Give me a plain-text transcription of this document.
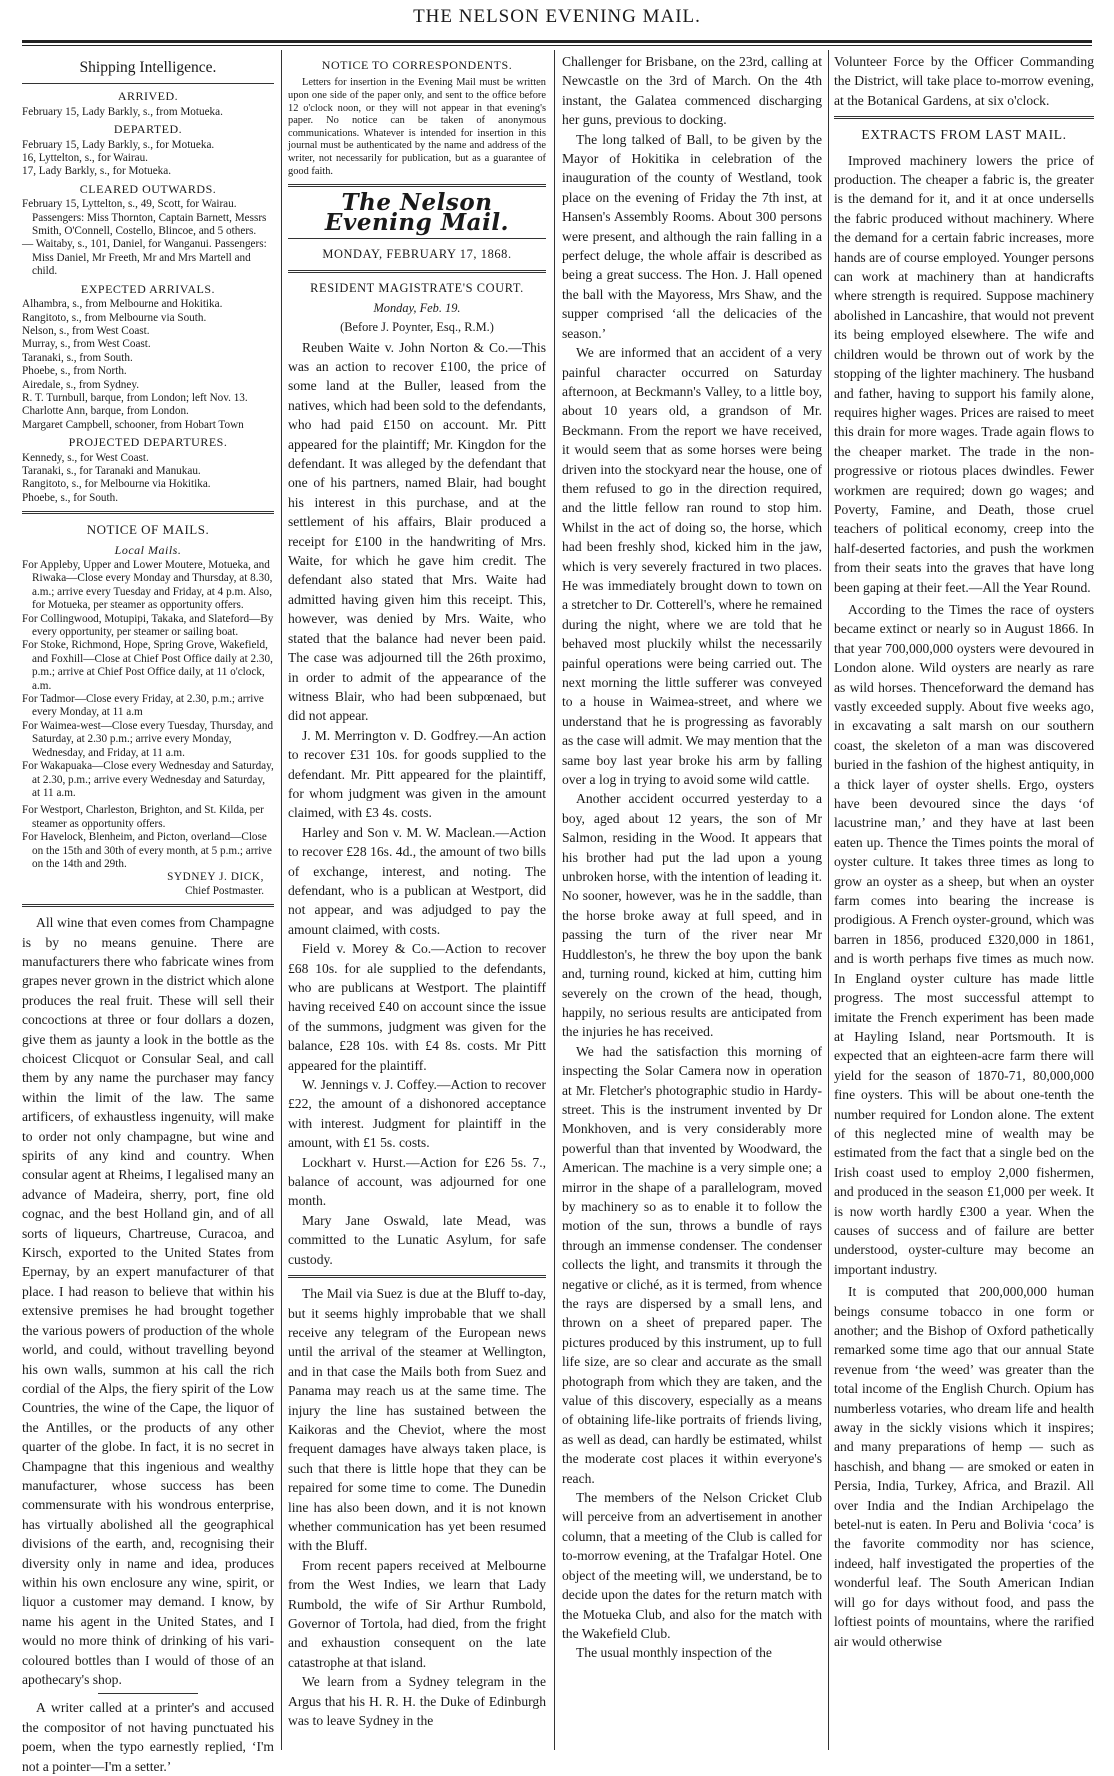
THE NELSON EVENING MAIL.
Shipping Intelligence.
ARRIVED.
February 15, Lady Barkly, s., from Motueka.
DEPARTED.
February 15, Lady Barkly, s., for Motueka.
16, Lyttelton, s., for Wairau.
17, Lady Barkly, s., for Motueka.
CLEARED OUTWARDS.
February 15, Lyttelton, s., 49, Scott, for Wairau. Passengers: Miss Thornton, Captain Barnett, Messrs Smith, O'Connell, Costello, Blincoe, and 5 others.
— Waitaby, s., 101, Daniel, for Wanganui. Passengers: Miss Daniel, Mr Freeth, Mr and Mrs Martell and child.
EXPECTED ARRIVALS.
Alhambra, s., from Melbourne and Hokitika.
Rangitoto, s., from Melbourne via South.
Nelson, s., from West Coast.
Murray, s., from West Coast.
Taranaki, s., from South.
Phoebe, s., from North.
Airedale, s., from Sydney.
R. T. Turnbull, barque, from London; left Nov. 13.
Charlotte Ann, barque, from London.
Margaret Campbell, schooner, from Hobart Town
PROJECTED DEPARTURES.
Kennedy, s., for West Coast.
Taranaki, s., for Taranaki and Manukau.
Rangitoto, s., for Melbourne via Hokitika.
Phoebe, s., for South.
NOTICE OF MAILS.
Local Mails.
For Appleby, Upper and Lower Moutere, Motueka, and Riwaka—Close every Monday and Thursday, at 8.30, a.m.; arrive every Tuesday and Friday, at 4 p.m. Also, for Motueka, per steamer as opportunity offers.
For Collingwood, Motupipi, Takaka, and Slateford—By every opportunity, per steamer or sailing boat.
For Stoke, Richmond, Hope, Spring Grove, Wakefield, and Foxhill—Close at Chief Post Office daily at 2.30, p.m.; arrive at Chief Post Office daily, at 11 o'clock, a.m.
For Tadmor—Close every Friday, at 2.30, p.m.; arrive every Monday, at 11 a.m
For Waimea-west—Close every Tuesday, Thursday, and Saturday, at 2.30 p.m.; arrive every Monday, Wednesday, and Friday, at 11 a.m.
For Wakapuaka—Close every Wednesday and Saturday, at 2.30, p.m.; arrive every Wednesday and Saturday, at 11 a.m.
For Westport, Charleston, Brighton, and St. Kilda, per steamer as opportunity offers.
For Havelock, Blenheim, and Picton, overland—Close on the 15th and 30th of every month, at 5 p.m.; arrive on the 14th and 29th.
SYDNEY J. DICK,
Chief Postmaster.

All wine that even comes from Champagne is by no means genuine. There are manufacturers there who fabricate wines from grapes never grown in the district which alone produces the real fruit. These will sell their concoctions at three or four dollars a dozen, give them as jaunty a look in the bottle as the choicest Clicquot or Consular Seal, and call them by any name the purchaser may fancy within the limit of the law. The same artificers, of exhaustless ingenuity, will make to order not only champagne, but wine and spirits of any kind and country. When consular agent at Rheims, I legalised many an advance of Madeira, sherry, port, fine old cognac, and the best Holland gin, and of all sorts of liqueurs, Chartreuse, Curacoa, and Kirsch, exported to the United States from Epernay, by an expert manufacturer of that place. I had reason to believe that within his extensive premises he had brought together the various powers of production of the whole world, and could, without travelling beyond his own walls, summon at his call the rich cordial of the Alps, the fiery spirit of the Low Countries, the wine of the Cape, the liquor of the Antilles, or the products of any other quarter of the globe. In fact, it is no secret in Champagne that this ingenious and wealthy manufacturer, whose success has been commensurate with his wondrous enterprise, has virtually abolished all the geographical divisions of the earth, and, recognising their diversity only in name and idea, produces within his own enclosure any wine, spirit, or liquor a customer may demand. I know, by name his agent in the United States, and I would no more think of drinking of his vari-coloured bottles than I would of those of an apothecary's shop.

A writer called at a printer's and accused the compositor of not having punctuated his poem, when the typo earnestly replied, ‘I'm not a pointer—I'm a setter.’

NOTICE TO CORRESPONDENTS.

Letters for insertion in the Evening Mail must be written upon one side of the paper only, and sent to the office before 12 o'clock noon, or they will not appear in that evening's paper. No notice can be taken of anonymous communications. Whatever is intended for insertion in this journal must be authenticated by the name and address of the writer, not necessarily for publication, but as a guarantee of good faith.

The Nelson Evening Mail.
MONDAY, FEBRUARY 17, 1868.
RESIDENT MAGISTRATE'S COURT.
Monday, Feb. 19.
(Before J. Poynter, Esq., R.M.)

Reuben Waite v. John Norton & Co.—This was an action to recover £100, the price of some land at the Buller, leased from the natives, which had been sold to the defendants, who had paid £150 on account. Mr. Pitt appeared for the plaintiff; Mr. Kingdon for the defendant. It was alleged by the defendant that one of his partners, named Blair, had bought his interest in this purchase, and at the settlement of his affairs, Blair produced a receipt for £100 in the handwriting of Mrs. Waite, for which he gave him credit. The defendant also stated that Mrs. Waite had admitted having given him this receipt. This, however, was denied by Mrs. Waite, who stated that the balance had never been paid. The case was adjourned till the 26th proximo, in order to admit of the appearance of the witness Blair, who had been subpœnaed, but did not appear.

J. M. Merrington v. D. Godfrey.—An action to recover £31 10s. for goods supplied to the defendant. Mr. Pitt appeared for the plaintiff, for whom judgment was given in the amount claimed, with £3 4s. costs.

Harley and Son v. M. W. Maclean.—Action to recover £28 16s. 4d., the amount of two bills of exchange, interest, and noting. The defendant, who is a publican at Westport, did not appear, and was adjudged to pay the amount claimed, with costs.

Field v. Morey & Co.—Action to recover £68 10s. for ale supplied to the defendants, who are publicans at Westport. The plaintiff having received £40 on account since the issue of the summons, judgment was given for the balance, £28 10s. with £4 8s. costs. Mr Pitt appeared for the plaintiff.

W. Jennings v. J. Coffey.—Action to recover £22, the amount of a dishonored acceptance with interest. Judgment for plaintiff in the amount, with £1 5s. costs.

Lockhart v. Hurst.—Action for £26 5s. 7., balance of account, was adjourned for one month.

Mary Jane Oswald, late Mead, was committed to the Lunatic Asylum, for safe custody.

The Mail via Suez is due at the Bluff to-day, but it seems highly improbable that we shall receive any telegram of the European news until the arrival of the steamer at Wellington, and in that case the Mails both from Suez and Panama may reach us at the same time. The injury the line has sustained between the Kaikoras and the Cheviot, where the most frequent damages have always taken place, is such that there is little hope that they can be repaired for some time to come. The Dunedin line has also been down, and it is not known whether communication has yet been resumed with the Bluff.

From recent papers received at Melbourne from the West Indies, we learn that Lady Rumbold, the wife of Sir Arthur Rumbold, Governor of Tortola, had died, from the fright and exhaustion consequent on the late catastrophe at that island.

We learn from a Sydney telegram in the Argus that his H. R. H. the Duke of Edinburgh was to leave Sydney in the

Challenger for Brisbane, on the 23rd, calling at Newcastle on the 3rd of March. On the 4th instant, the Galatea commenced discharging her guns, previous to docking.

The long talked of Ball, to be given by the Mayor of Hokitika in celebration of the inauguration of the county of Westland, took place on the evening of Friday the 7th inst, at Hansen's Assembly Rooms. About 300 persons were present, and although the rain falling in a perfect deluge, the whole affair is described as being a great success. The Hon. J. Hall opened the ball with the Mayoress, Mrs Shaw, and the supper comprised ‘all the delicacies of the season.’

We are informed that an accident of a very painful character occurred on Saturday afternoon, at Beckmann's Valley, to a little boy, about 10 years old, a grandson of Mr. Beckmann. From the report we have received, it would seem that as some horses were being driven into the stockyard near the house, one of them refused to go in the direction required, and the little fellow ran round to stop him. Whilst in the act of doing so, the horse, which had been freshly shod, kicked him in the jaw, which is very severely fractured in two places. He was immediately brought down to town on a stretcher to Dr. Cotterell's, where he remained during the night, where we are told that he behaved most pluckily whilst the necessarily painful operations were being carried out. The next morning the little sufferer was conveyed to a house in Waimea-street, and where we understand that he is progressing as favorably as the case will admit. We may mention that the same boy last year broke his arm by falling over a log in trying to avoid some wild cattle.

Another accident occurred yesterday to a boy, aged about 12 years, the son of Mr Salmon, residing in the Wood. It appears that his brother had put the lad upon a young unbroken horse, with the intention of leading it. No sooner, however, was he in the saddle, than the horse broke away at full speed, and in passing the turn of the river near Mr Huddleston's, he threw the boy upon the bank and, turning round, kicked at him, cutting him severely on the crown of the head, though, happily, no serious results are anticipated from the injuries he has received.

We had the satisfaction this morning of inspecting the Solar Camera now in operation at Mr. Fletcher's photographic studio in Hardy-street. This is the instrument invented by Dr Monkhoven, and is very considerably more powerful than that invented by Woodward, the American. The machine is a very simple one; a mirror in the shape of a parallelogram, moved by machinery so as to enable it to follow the motion of the sun, throws a bundle of rays through an immense condenser. The condenser collects the light, and transmits it through the negative or cliché, as it is termed, from whence the rays are dispersed by a small lens, and thrown on a sheet of prepared paper. The pictures produced by this instrument, up to full life size, are so clear and accurate as the small photograph from which they are taken, and the value of this discovery, especially as a means of obtaining life-like portraits of friends living, as well as dead, can hardly be estimated, whilst the moderate cost places it within everyone's reach.

The members of the Nelson Cricket Club will perceive from an advertisement in another column, that a meeting of the Club is called for to-morrow evening, at the Trafalgar Hotel. One object of the meeting will, we understand, be to decide upon the dates for the return match with the Motueka Club, and also for the match with the Wakefield Club.

The usual monthly inspection of the

Volunteer Force by the Officer Commanding the District, will take place to-morrow evening, at the Botanical Gardens, at six o'clock.

EXTRACTS FROM LAST MAIL.

Improved machinery lowers the price of production. The cheaper a fabric is, the greater is the demand for it, and it at once undersells the fabric produced without machinery. Where the demand for a certain fabric increases, more hands are of course employed. Younger persons can work at machinery than at handicrafts where strength is required. Suppose machinery abolished in Lancashire, that would not prevent its being employed elsewhere. The wife and children would be thrown out of work by the stopping of the lighter machinery. The husband and father, having to support his family alone, requires higher wages. Prices are raised to meet this drain for more wages. Trade again flows to the cheaper market. The trade in the non-progressive or riotous places dwindles. Fewer workmen are required; down go wages; and Poverty, Famine, and Death, those cruel teachers of political economy, creep into the half-deserted factories, and push the workmen from their seats into the graves that have long been gaping at their feet.—All the Year Round.

According to the Times the race of oysters became extinct or nearly so in August 1866. In that year 700,000,000 oysters were devoured in London alone. Wild oysters are nearly as rare as wild horses. Thenceforward the demand has vastly exceeded supply. About five weeks ago, in excavating a salt marsh on our southern coast, the skeleton of a man was discovered buried in the fashion of the highest antiquity, in a thick layer of oyster shells. Ergo, oysters have been devoured since the days ‘of lacustrine man,’ and they have at last been eaten up. Thence the Times points the moral of oyster culture. It takes three times as long to grow an oyster as a sheep, but when an oyster farm comes into bearing the increase is prodigious. A French oyster-ground, which was barren in 1856, produced £320,000 in 1861, and is worth perhaps five times as much now. In England oyster culture has made little progress. The most successful attempt to imitate the French experiment has been made at Hayling Island, near Portsmouth. It is expected that an eighteen-acre farm there will yield for the season of 1870-71, 80,000,000 fine oysters. This will be about one-tenth the number required for London alone. The extent of this neglected mine of wealth may be estimated from the fact that a single bed on the Irish coast used to employ 2,000 fishermen, and produced in the season £1,000 per week. It is now worth hardly £300 a year. When the causes of success and of failure are better understood, oyster-culture may become an important industry.

It is computed that 200,000,000 human beings consume tobacco in one form or another; and the Bishop of Oxford pathetically remarked some time ago that our annual State revenue from ‘the weed’ was greater than the total income of the English Church. Opium has numberless votaries, who dream life and health away in the sickly visions which it inspires; and many preparations of hemp — such as haschish, and bhang — are smoked or eaten in Persia, India, Turkey, Africa, and Brazil. All over India and the Indian Archipelago the betel-nut is eaten. In Peru and Bolivia ‘coca’ is the favorite commodity nor has science, indeed, half investigated the properties of the wonderful leaf. The South American Indian will go for days without food, and pass the loftiest points of mountains, where the rarified air would otherwise
